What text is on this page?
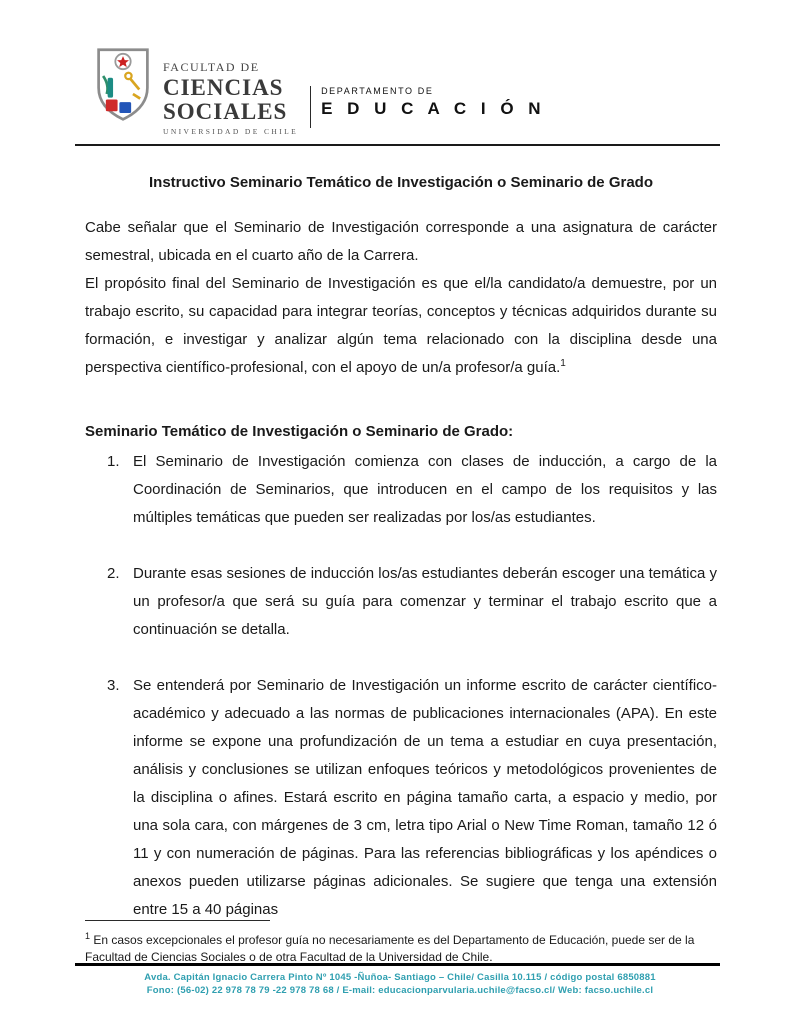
FACULTAD DE
CIENCIAS
SOCIALES
UNIVERSIDAD DE CHILE
DEPARTAMENTO DE
E D U C A C I Ó N
Instructivo Seminario Temático de Investigación o Seminario de Grado

Cabe señalar que el Seminario de Investigación corresponde a una asignatura de carácter semestral, ubicada en el cuarto año de la Carrera.

El propósito final del Seminario de Investigación es que el/la candidato/a demuestre, por un trabajo escrito, su capacidad para integrar teorías, conceptos y técnicas adquiridos durante su formación, e investigar y analizar algún tema relacionado con la disciplina desde una perspectiva científico-profesional, con el apoyo de un/a profesor/a guía.$^1$

Seminario Temático de Investigación o Seminario de Grado:
1. El Seminario de Investigación comienza con clases de inducción, a cargo de la Coordinación de Seminarios, que introducen en el campo de los requisitos y las múltiples temáticas que pueden ser realizadas por los/as estudiantes.
2. Durante esas sesiones de inducción los/as estudiantes deberán escoger una temática y un profesor/a que será su guía para comenzar y terminar el trabajo escrito que a continuación se detalla.
3. Se entenderá por Seminario de Investigación un informe escrito de carácter científico-académico y adecuado a las normas de publicaciones internacionales (APA). En este informe se expone una profundización de un tema a estudiar en cuya presentación, análisis y conclusiones se utilizan enfoques teóricos y metodológicos provenientes de la disciplina o afines. Estará escrito en página tamaño carta, a espacio y medio, por una sola cara, con márgenes de 3 cm, letra tipo Arial o New Time Roman, tamaño 12 ó 11 y con numeración de páginas. Para las referencias bibliográficas y los apéndices o anexos pueden utilizarse páginas adicionales. Se sugiere que tenga una extensión entre 15 a 40 páginas
$^1$ En casos excepcionales el profesor guía no necesariamente es del Departamento de Educación, puede ser de la Facultad de Ciencias Sociales o de otra Facultad de la Universidad de Chile.
Avda. Capitán Ignacio Carrera Pinto Nº 1045 -Ñuñoa- Santiago – Chile/ Casilla 10.115 / código postal 6850881
Fono: (56-02) 22 978 78 79 -22 978 78 68 / E-mail: educacionparvularia.uchile@facso.cl/ Web: facso.uchile.cl
